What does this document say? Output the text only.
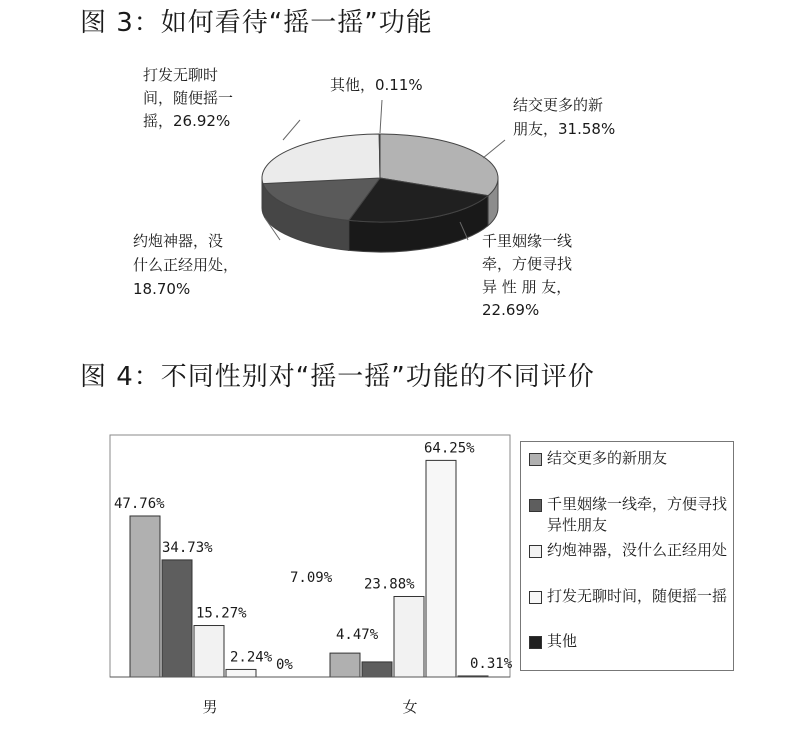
图 3：如何看待“摇一摇”功能
图 4：不同性别对“摇一摇”功能的不同评价
其他，0.11%
结交更多的新 朋友，31.58%
打发无聊时 间，随便摇一 摇，26.92%
约炮神器，没 什么正经用处， 18.70%
千里姻缘一线 牵，方便寻找 异 性 朋 友， 22.69%
47.76%
34.73%
15.27%
2.24% 0%
7.09%
4.47%
23.88%
64.25%
0.31%
男	女
结交更多的新朋友
千里姻缘一线牵，方便寻找异性朋友
约炮神器，没什么正经用处
打发无聊时间，随便摇一摇
其他
